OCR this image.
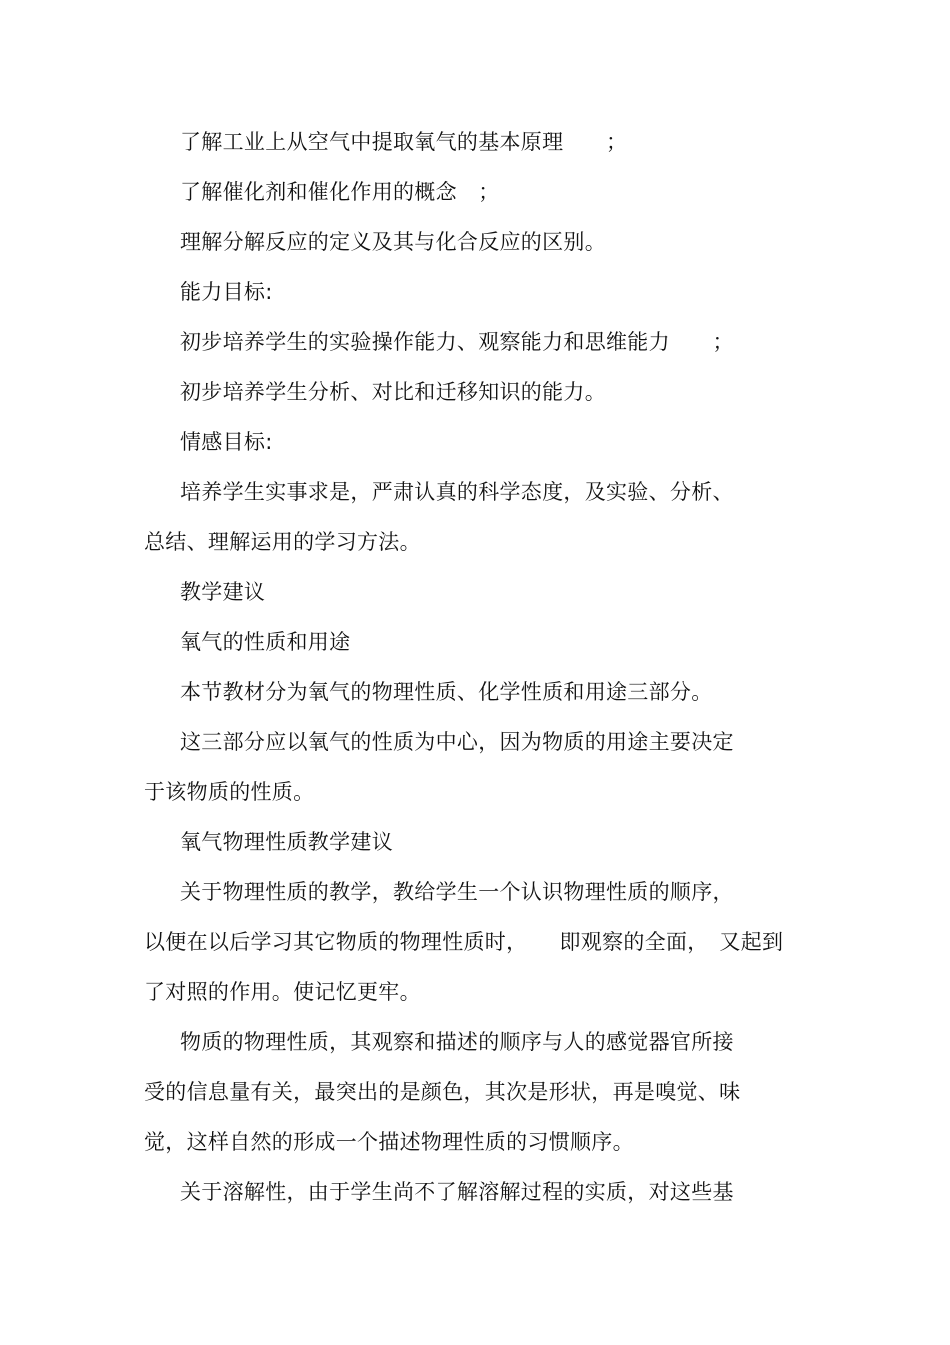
了解工业上从空气中提取氧气的基本原理　　；
了解催化剂和催化作用的概念　；
理解分解反应的定义及其与化合反应的区别。
能力目标:
初步培养学生的实验操作能力、观察能力和思维能力　　；
初步培养学生分析、对比和迁移知识的能力。
情感目标:
培养学生实事求是，严肃认真的科学态度，及实验、分析、
总结、理解运用的学习方法。
教学建议
氧气的性质和用途
本节教材分为氧气的物理性质、化学性质和用途三部分。
这三部分应以氧气的性质为中心，因为物质的用途主要决定
于该物质的性质。
氧气物理性质教学建议
关于物理性质的教学，教给学生一个认识物理性质的顺序，
以便在以后学习其它物质的物理性质时，　　即观察的全面，　又起到
了对照的作用。使记忆更牢。
物质的物理性质，其观察和描述的顺序与人的感觉器官所接
受的信息量有关，最突出的是颜色，其次是形状，再是嗅觉、味
觉，这样自然的形成一个描述物理性质的习惯顺序。
关于溶解性，由于学生尚不了解溶解过程的实质，对这些基
